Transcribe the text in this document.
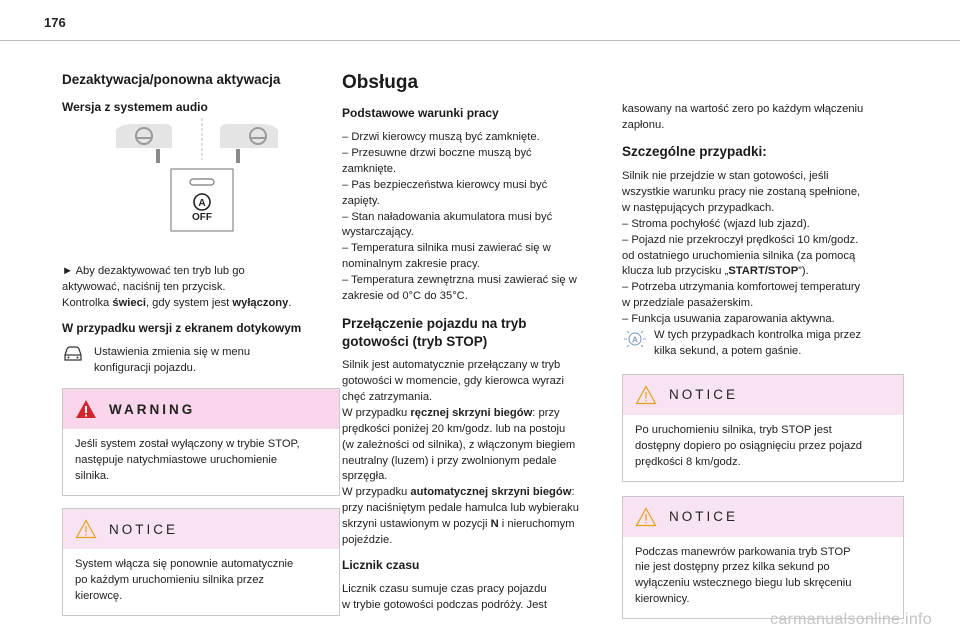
176
Dezaktywacja/ponowna aktywacja
Wersja z systemem audio
A
OFF
► Aby dezaktywować ten tryb lub go
aktywować, naciśnij ten przycisk.
Kontrolka świeci, gdy system jest wyłączony.
W przypadku wersji z ekranem dotykowym
Ustawienia zmienia się w menu
konfiguracji pojazdu.
WARNING
Jeśli system został wyłączony w trybie STOP,
następuje natychmiastowe uruchomienie
silnika.
NOTICE
System włącza się ponownie automatycznie
po każdym uruchomieniu silnika przez
kierowcę.
Obsługa
Podstawowe warunki pracy
– Drzwi kierowcy muszą być zamknięte.
– Przesuwne drzwi boczne muszą być
zamknięte.
– Pas bezpieczeństwa kierowcy musi być
zapięty.
– Stan naładowania akumulatora musi być
wystarczający.
– Temperatura silnika musi zawierać się w
nominalnym zakresie pracy.
– Temperatura zewnętrzna musi zawierać się w
zakresie od 0°C do 35°C.
Przełączenie pojazdu na tryb
gotowości (tryb STOP)
Silnik jest automatycznie przełączany w tryb
gotowości w momencie, gdy kierowca wyrazi
chęć zatrzymania.
W przypadku ręcznej skrzyni biegów: przy
prędkości poniżej 20 km/godz. lub na postoju
(w zależności od silnika), z włączonym biegiem
neutralny (luzem) i przy zwolnionym pedale
sprzęgła.
W przypadku automatycznej skrzyni biegów:
przy naciśniętym pedale hamulca lub wybieraku
skrzyni ustawionym w pozycji N i nieruchomym
pojeździe.
Licznik czasu
Licznik czasu sumuje czas pracy pojazdu
w trybie gotowości podczas podróży. Jest
kasowany na wartość zero po każdym włączeniu
zapłonu.
Szczególne przypadki:
Silnik nie przejdzie w stan gotowości, jeśli
wszystkie warunku pracy nie zostaną spełnione,
w następujących przypadkach.
– Stroma pochyłość (wjazd lub zjazd).
– Pojazd nie przekroczył prędkości 10 km/godz.
od ostatniego uruchomienia silnika (za pomocą
klucza lub przycisku „START/STOP”).
– Potrzeba utrzymania komfortowej temperatury
w przedziale pasażerskim.
– Funkcja usuwania zaparowania aktywna.
A W tych przypadkach kontrolka miga przez
kilka sekund, a potem gaśnie.
NOTICE
Po uruchomieniu silnika, tryb STOP jest
dostępny dopiero po osiągnięciu przez pojazd
prędkości 8 km/godz.
NOTICE
Podczas manewrów parkowania tryb STOP
nie jest dostępny przez kilka sekund po
wyłączeniu wstecznego biegu lub skręceniu
kierownicy.
carmanualsonline.info
